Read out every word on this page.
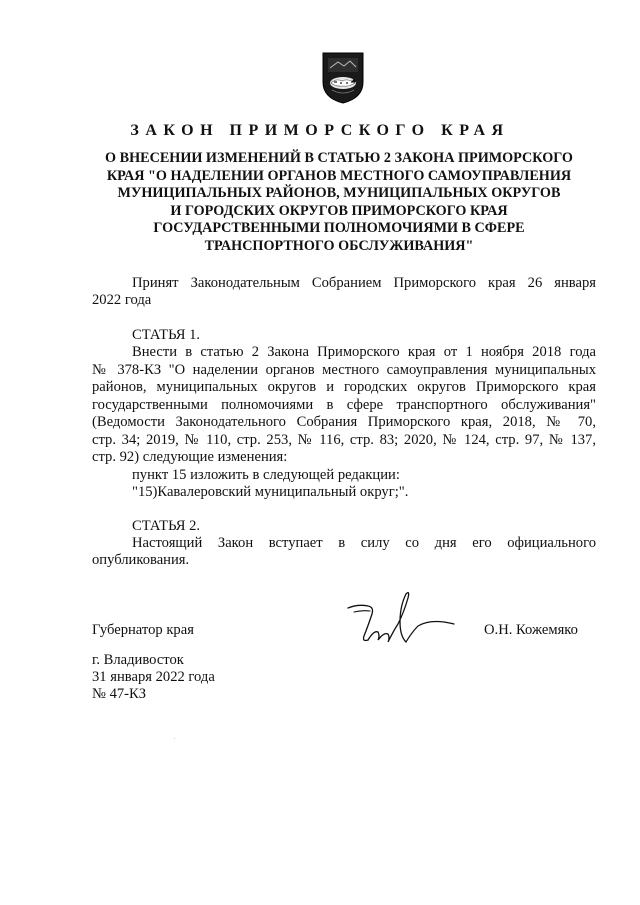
ЗАКОН ПРИМОРСКОГО КРАЯ
О ВНЕСЕНИИ ИЗМЕНЕНИЙ В СТАТЬЮ 2 ЗАКОНА ПРИМОРСКОГО
КРАЯ "О НАДЕЛЕНИИ ОРГАНОВ МЕСТНОГО САМОУПРАВЛЕНИЯ
МУНИЦИПАЛЬНЫХ РАЙОНОВ, МУНИЦИПАЛЬНЫХ ОКРУГОВ
И ГОРОДСКИХ ОКРУГОВ ПРИМОРСКОГО КРАЯ
ГОСУДАРСТВЕННЫМИ ПОЛНОМОЧИЯМИ В СФЕРЕ
ТРАНСПОРТНОГО ОБСЛУЖИВАНИЯ"
Принят Законодательным Собранием Приморского края 26 января
2022 года
СТАТЬЯ 1.
Внести в статью 2 Закона Приморского края от 1 ноября 2018 года
№ 378-КЗ "О наделении органов местного самоуправления муниципальных
районов, муниципальных округов и городских округов Приморского края
государственными полномочиями в сфере транспортного обслуживания"
(Ведомости Законодательного Собрания Приморского края, 2018, № 70,
стр. 34; 2019, № 110, стр. 253, № 116, стр. 83; 2020, № 124, стр. 97, № 137,
стр. 92) следующие изменения:
пункт 15 изложить в следующей редакции:
"15)Кавалеровский муниципальный округ;".
СТАТЬЯ 2.
Настоящий Закон вступает в силу со дня его официального
опубликования.
Губернатор края	О.Н. Кожемяко
г. Владивосток
31 января 2022 года
№ 47-КЗ
